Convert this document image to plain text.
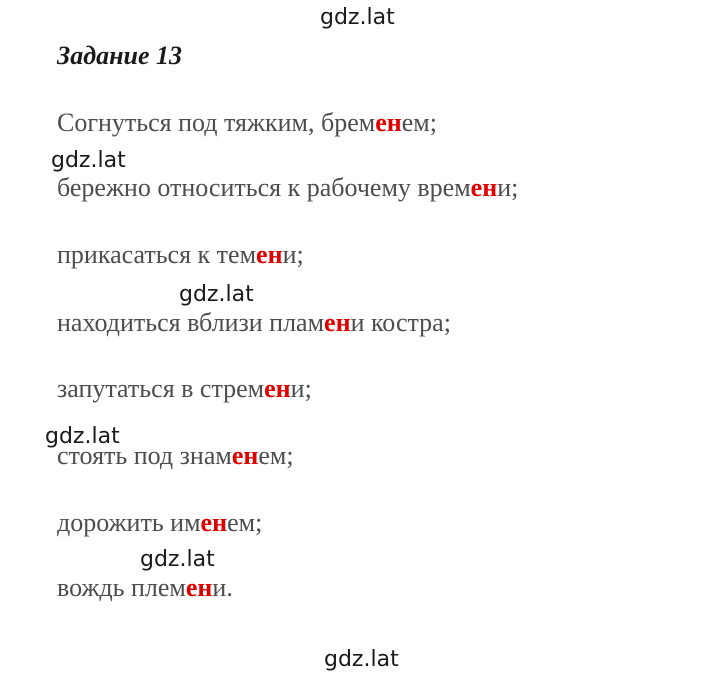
gdz.lat
gdz.lat
gdz.lat
gdz.lat
gdz.lat
gdz.lat
Задание 13
Согнуться под тяжким, бременем;
бережно относиться к рабочему времени;
прикасаться к темени;
находиться вблизи пламени костра;
запутаться в стремени;
стоять под знаменем;
дорожить именем;
вождь племени.
